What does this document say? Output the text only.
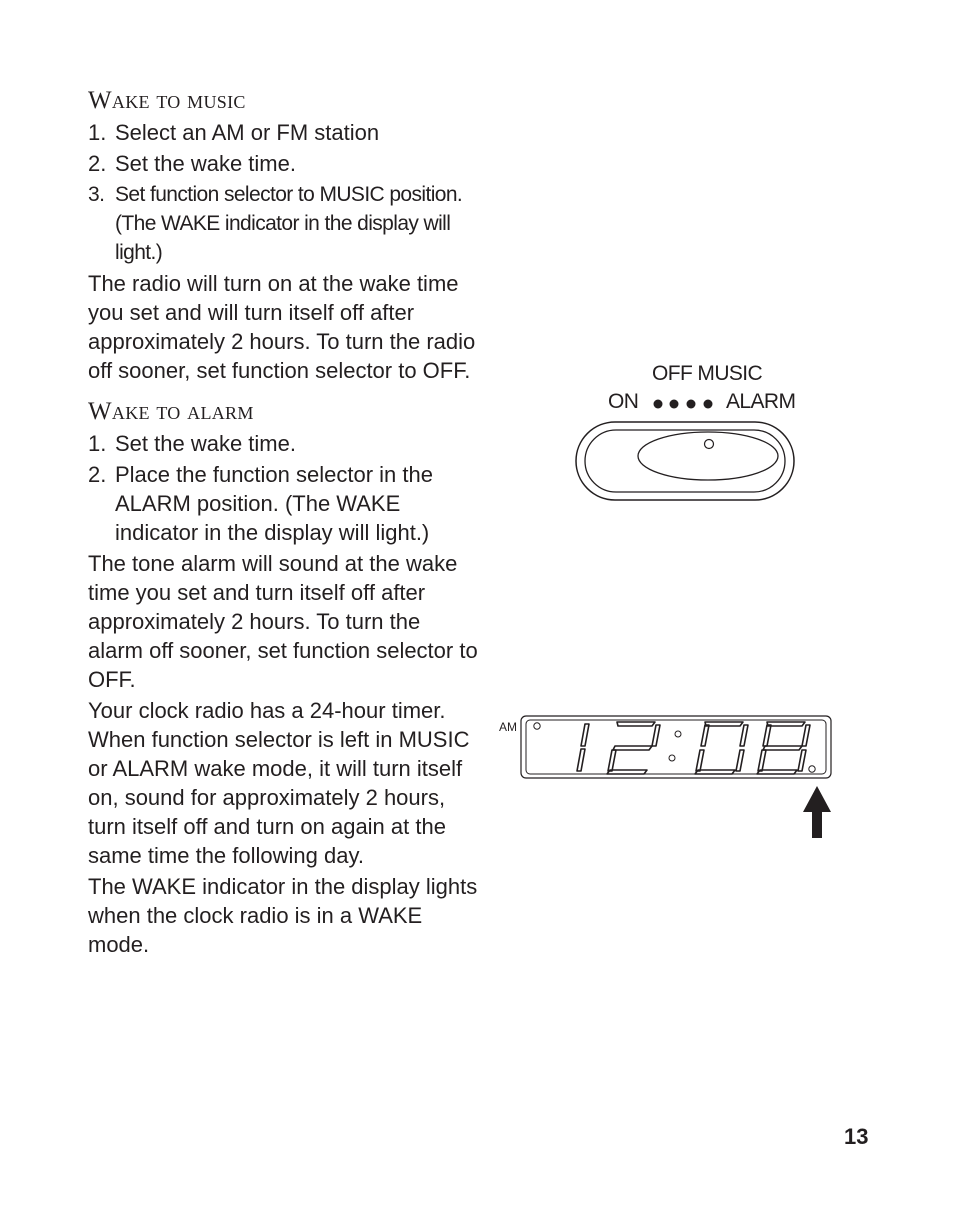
Wake to music
1. Select an AM or FM station
2. Set the wake time.
3. Set function selector to MUSIC position. (The WAKE indicator in the display will light.)

The radio will turn on at the wake time you set and will turn itself off after approximately 2 hours. To turn the radio off sooner, set function selector to OFF.

Wake to alarm
1. Set the wake time.
2. Place the function selector in the ALARM position. (The WAKE indicator in the display will light.)

The tone alarm will sound at the wake time you set and turn itself off after approximately 2 hours. To turn the alarm off sooner, set function selector to OFF.

Your clock radio has a 24-hour timer. When function selector is left in MUSIC or ALARM wake mode, it will turn itself on, sound for approximately 2 hours, turn itself off and turn on again at the same time the following day.

The WAKE indicator in the display lights when the clock radio is in a WAKE mode.

OFF MUSIC
ON	ALARM
AM
13
